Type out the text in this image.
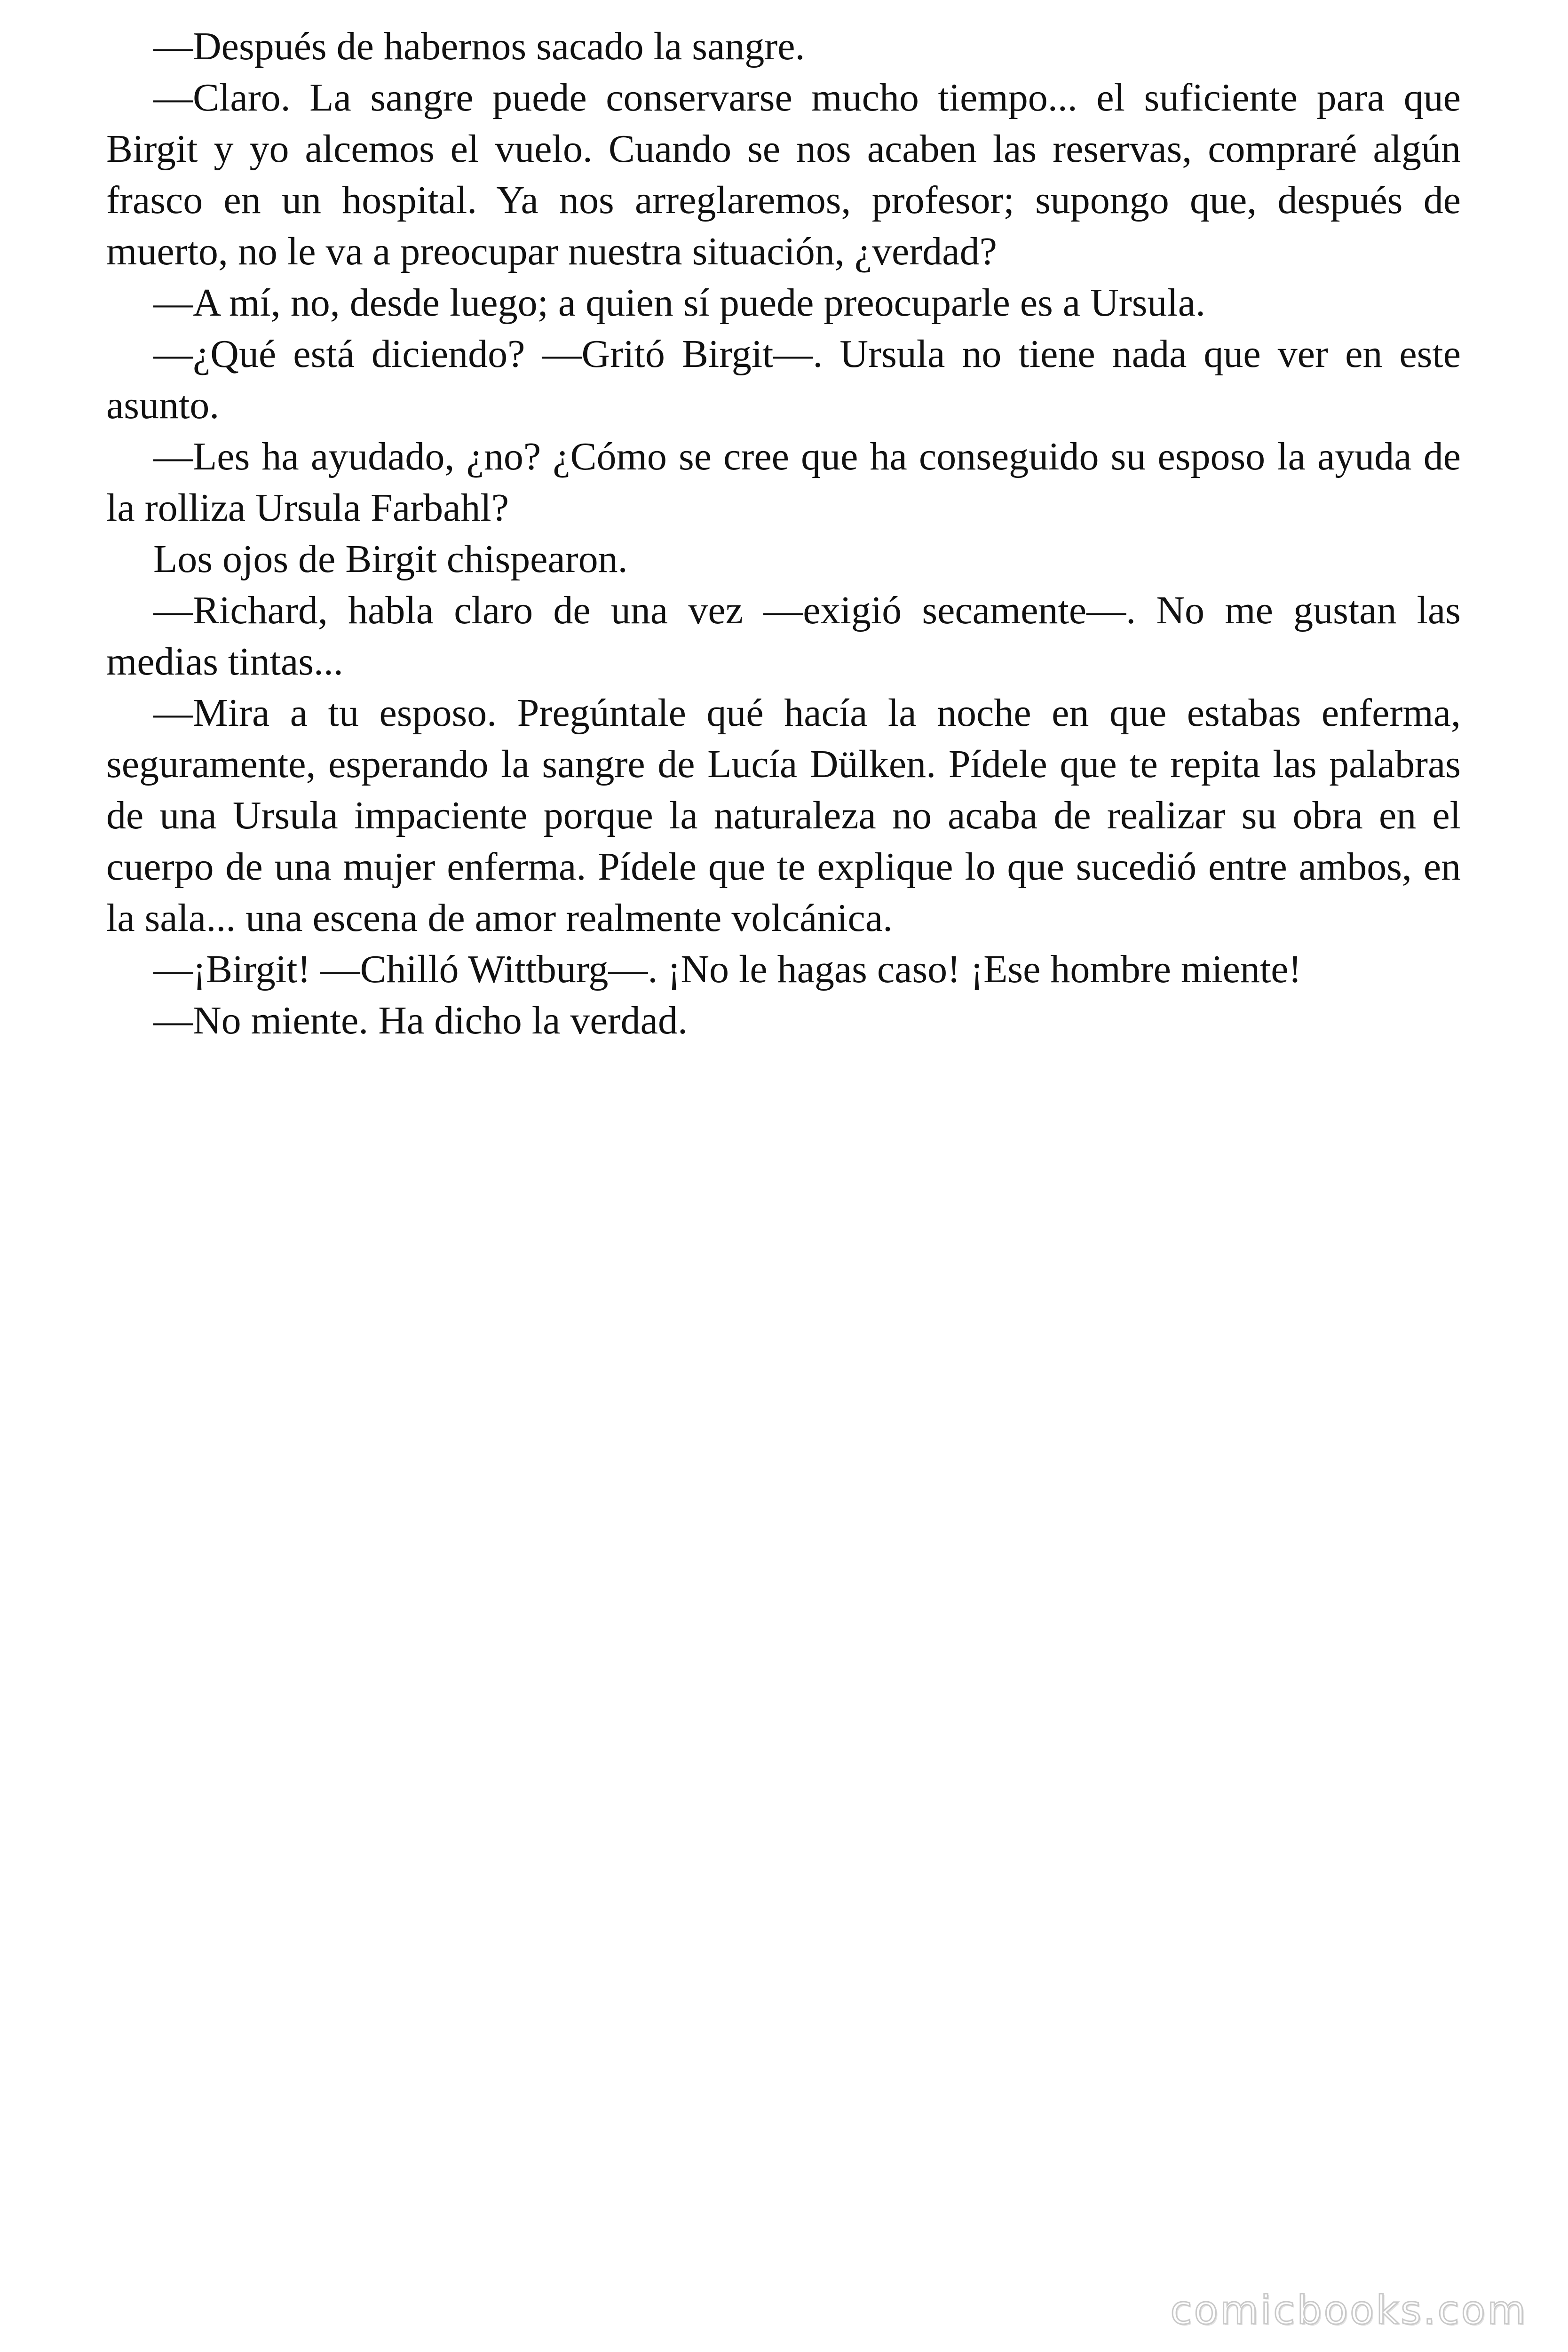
—Después de habernos sacado la sangre.

—Claro. La sangre puede conservarse mucho tiempo... el suficiente para que Birgit y yo alcemos el vuelo. Cuando se nos acaben las reservas, compraré algún frasco en un hospital. Ya nos arreglaremos, profesor; supongo que, después de muerto, no le va a preocupar nuestra situación, ¿verdad?

—A mí, no, desde luego; a quien sí puede preocuparle es a Ursula.

—¿Qué está diciendo? —Gritó Birgit—. Ursula no tiene nada que ver en este asunto.

—Les ha ayudado, ¿no? ¿Cómo se cree que ha conseguido su esposo la ayuda de la rolliza Ursula Farbahl?

Los ojos de Birgit chispearon.

—Richard, habla claro de una vez —exigió secamente—. No me gustan las medias tintas...

—Mira a tu esposo. Pregúntale qué hacía la noche en que estabas enferma, seguramente, esperando la sangre de Lucía Dülken. Pídele que te repita las palabras de una Ursula impaciente porque la naturaleza no acaba de realizar su obra en el cuerpo de una mujer enferma. Pídele que te explique lo que sucedió entre ambos, en la sala... una escena de amor realmente volcánica.

—¡Birgit! —Chilló Wittburg—. ¡No le hagas caso! ¡Ese hombre miente!

—No miente. Ha dicho la verdad.

comicbooks.com
